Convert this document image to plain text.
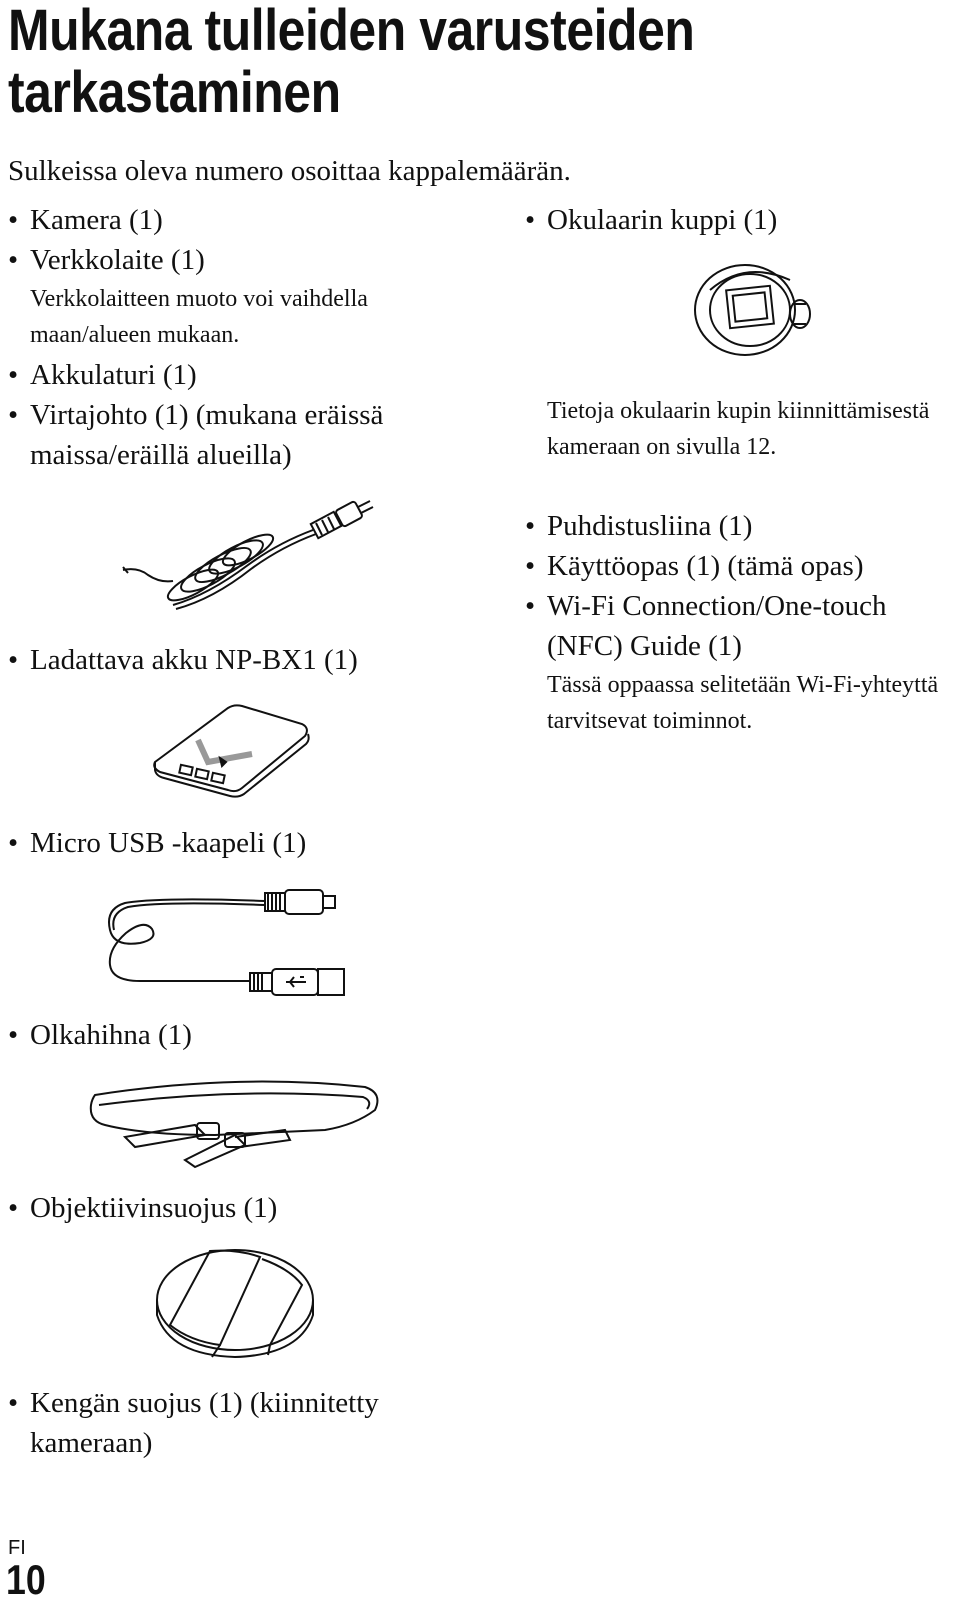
Mukana tulleiden varusteiden tarkastaminen
Sulkeissa oleva numero osoittaa kappalemäärän.
• Kamera (1)
• Verkkolaite (1)
Verkkolaitteen muoto voi vaihdella maan/alueen mukaan.
• Akkulaturi (1)
• Virtajohto (1) (mukana eräissä maissa/eräillä alueilla)
• Ladattava akku NP-BX1 (1)
• Micro USB -kaapeli (1)
• Olkahihna (1)
• Objektiivinsuojus (1)
• Kengän suojus (1) (kiinnitetty kameraan)
• Okulaarin kuppi (1)
Tietoja okulaarin kupin kiinnittämisestä kameraan on sivulla 12.
• Puhdistusliina (1)
• Käyttöopas (1) (tämä opas)
• Wi-Fi Connection/One-touch (NFC) Guide (1)
Tässä oppaassa selitetään Wi-Fi-yhteyttä tarvitsevat toiminnot.
FI
10
